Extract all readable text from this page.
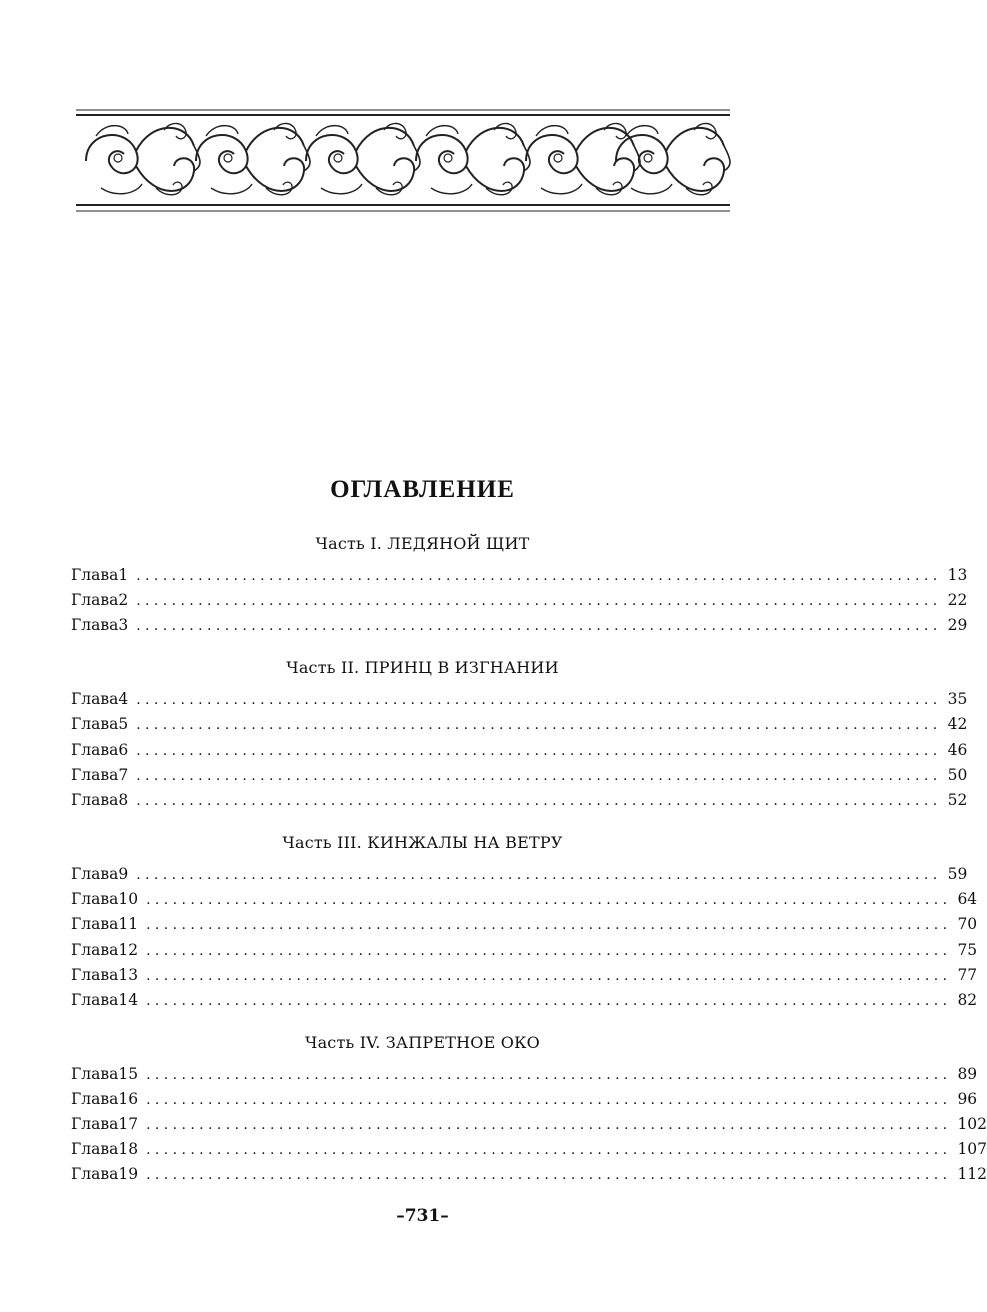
ОГЛАВЛЕНИЕ
Часть I. ЛЕДЯНОЙ ЩИТ
Глава 1 ........................................................................................... 13
Глава 2 ........................................................................................... 22
Глава 3 ........................................................................................... 29
Часть II. ПРИНЦ В ИЗГНАНИИ
Глава 4 ........................................................................................... 35
Глава 5 ........................................................................................... 42
Глава 6 ........................................................................................... 46
Глава 7 ........................................................................................... 50
Глава 8 ........................................................................................... 52
Часть III. КИНЖАЛЫ НА ВЕТРУ
Глава 9 ........................................................................................... 59
Глава 10 ........................................................................................... 64
Глава 11 ........................................................................................... 70
Глава 12 ........................................................................................... 75
Глава 13 ........................................................................................... 77
Глава 14 ........................................................................................... 82
Часть IV. ЗАПРЕТНОЕ ОКО
Глава 15 ........................................................................................... 89
Глава 16 ........................................................................................... 96
Глава 17 ........................................................................................... 102
Глава 18 ........................................................................................... 107
Глава 19 ........................................................................................... 112
–731–
